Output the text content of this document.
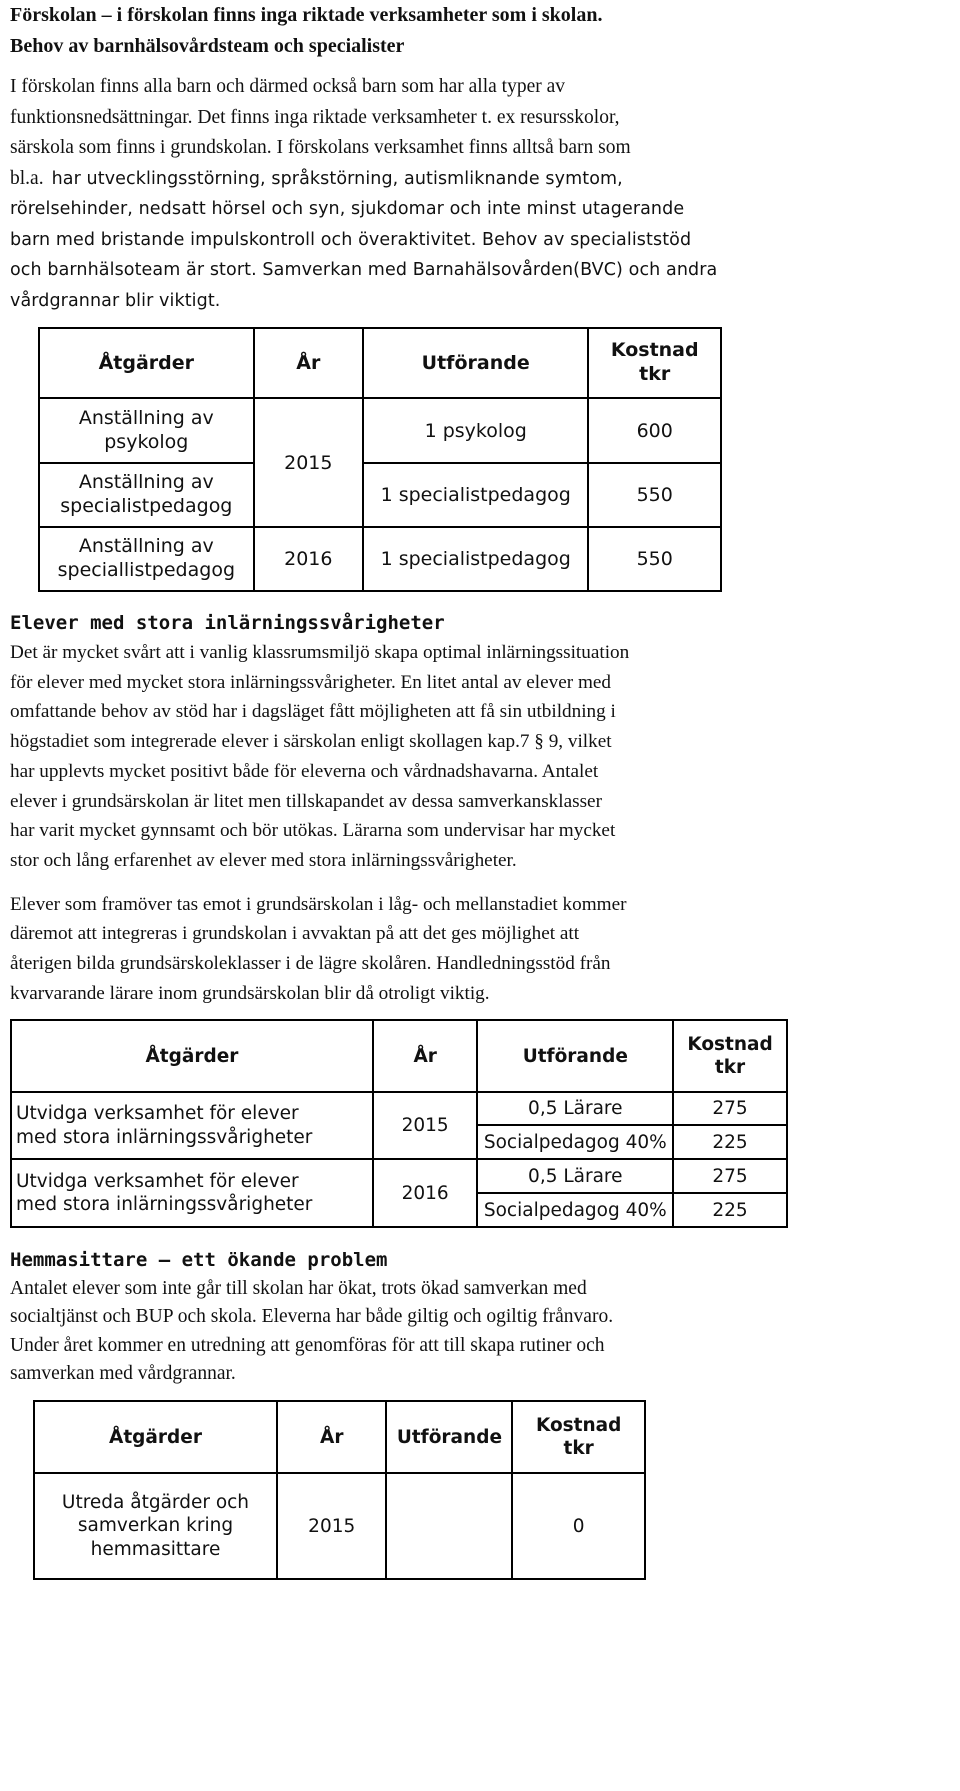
Förskolan – i förskolan finns inga riktade verksamheter som i skolan.

Behov av barnhälsovårdsteam och specialister

I förskolan finns alla barn och därmed också barn som har alla typer av

funktionsnedsättningar. Det finns inga riktade verksamheter t. ex resursskolor,

särskola som finns i grundskolan. I förskolans verksamhet finns alltså barn som

bl.a. har utvecklingsstörning, språkstörning, autismliknande symtom,

rörelsehinder, nedsatt hörsel och syn, sjukdomar och inte minst utagerande

barn med bristande impulskontroll och överaktivitet. Behov av specialiststöd

och barnhälsoteam är stort. Samverkan med Barnahälsovården(BVC) och andra

vårdgrannar blir viktigt.

Åtgärder	År	Utförande	Kostnad
tkr
Anställning av
psykolog	2015	1 psykolog	600
Anställning av
specialistpedagog		1 specialistpedagog	550
Anställning av
speciallistpedagog	2016	1 specialistpedagog	550

Elever med stora inlärningssvårigheter

Det är mycket svårt att i vanlig klassrumsmiljö skapa optimal inlärningssituation

för elever med mycket stora inlärningssvårigheter. En litet antal av elever med

omfattande behov av stöd har i dagsläget fått möjligheten att få sin utbildning i

högstadiet som integrerade elever i särskolan enligt skollagen kap.7 § 9, vilket

har upplevts mycket positivt både för eleverna och vårdnadshavarna. Antalet

elever i grundsärskolan är litet men tillskapandet av dessa samverkansklasser

har varit mycket gynnsamt och bör utökas. Lärarna som undervisar har mycket

stor och lång erfarenhet av elever med stora inlärningssvårigheter.

Elever som framöver tas emot i grundsärskolan i låg- och mellanstadiet kommer

däremot att integreras i grundskolan i avvaktan på att det ges möjlighet att

återigen bilda grundsärskoleklasser i de lägre skolåren. Handledningsstöd från

kvarvarande lärare inom grundsärskolan blir då otroligt viktig.

Åtgärder	År	Utförande	Kostnad
tkr
Utvidga verksamhet för elever
med stora inlärningssvårigheter	2015	0,5 Lärare	275
		Socialpedagog 40%	225
Utvidga verksamhet för elever
med stora inlärningssvårigheter	2016	0,5 Lärare	275
		Socialpedagog 40%	225

Hemmasittare – ett ökande problem

Antalet elever som inte går till skolan har ökat, trots ökad samverkan med

socialtjänst och BUP och skola. Eleverna har både giltig och ogiltig frånvaro.

Under året kommer en utredning att genomföras för att till skapa rutiner och

samverkan med vårdgrannar.

Åtgärder	År	Utförande	Kostnad
tkr
Utreda åtgärder och
samverkan kring
hemmasittare	2015		0
